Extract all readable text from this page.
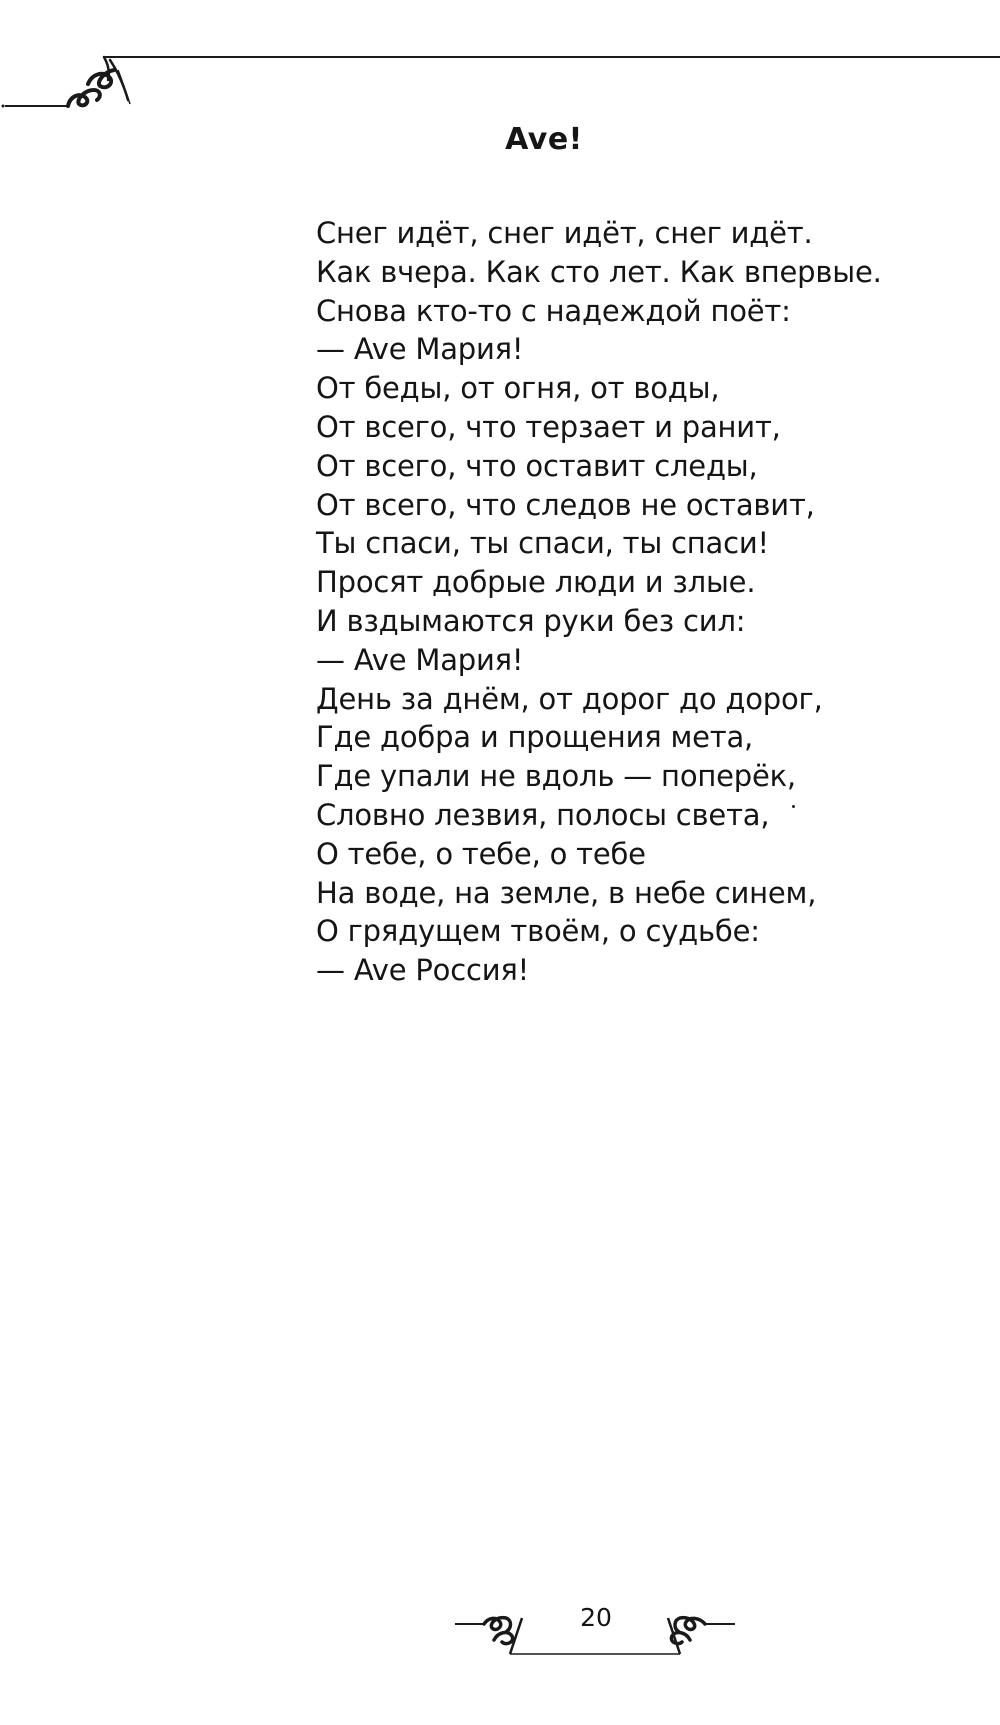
Ave!
Снег идёт, снег идёт, снег идёт.
Как вчера. Как сто лет. Как впервые.
Снова кто-то с надеждой поёт:
— Ave Мария!
От беды, от огня, от воды,
От всего, что терзает и ранит,
От всего, что оставит следы,
От всего, что следов не оставит,
Ты спаси, ты спаси, ты спаси!
Просят добрые люди и злые.
И вздымаются руки без сил:
— Ave Мария!
День за днём, от дорог до дорог,
Где добра и прощения мета,
Где упали не вдоль — поперёк,
Словно лезвия, полосы света,
О тебе, о тебе, о тебе
На воде, на земле, в небе синем,
О грядущем твоём, о судьбе:
— Ave Россия!
20
